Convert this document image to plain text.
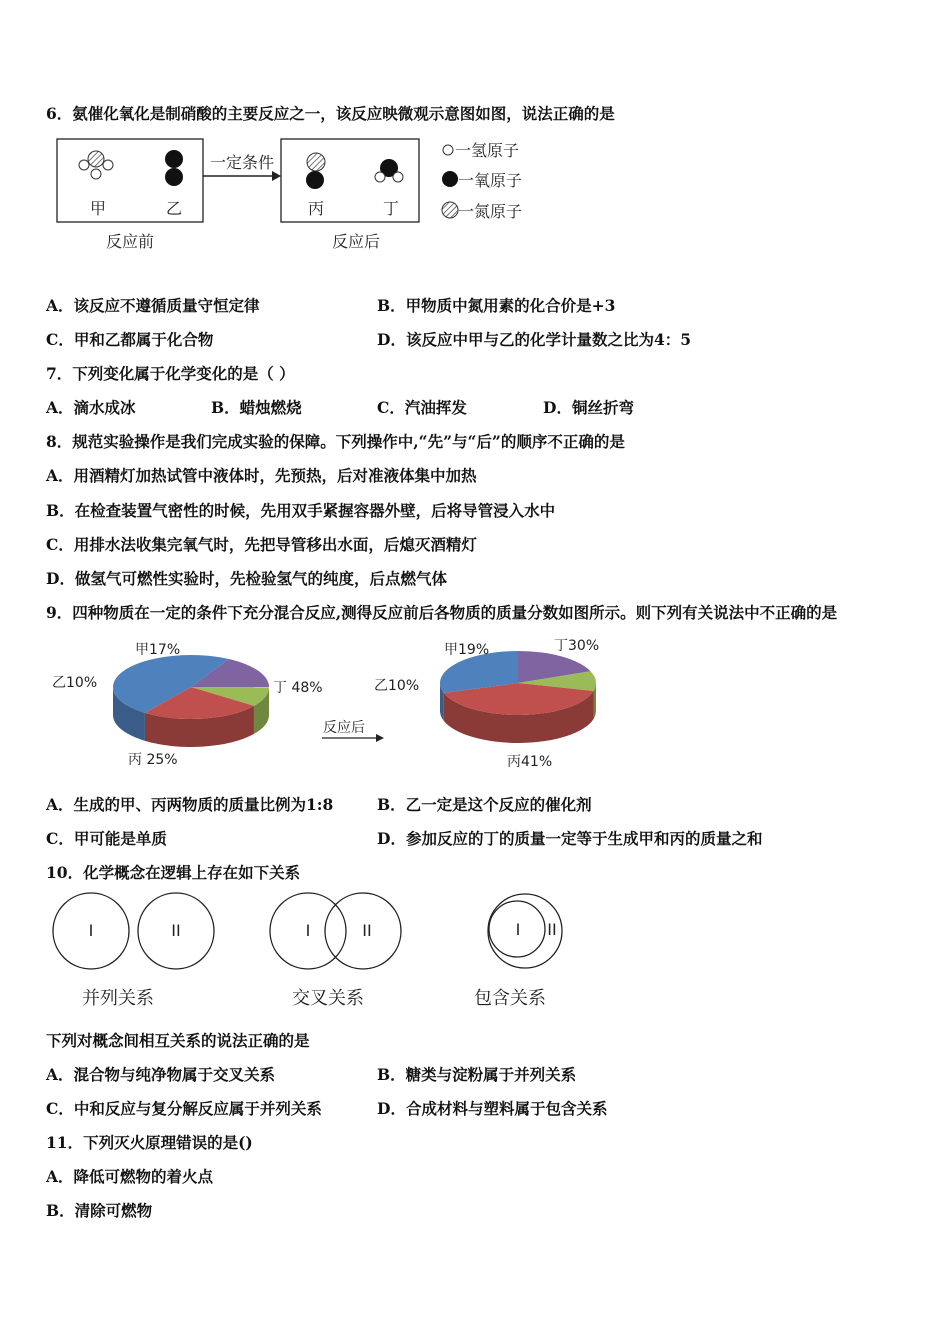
6．氨催化氧化是制硝酸的主要反应之一，该反应映微观示意图如图，说法正确的是
甲	乙
反应前
一定条件
丙	丁
反应后
一氢原子
一氧原子
一氮原子
A．该反应不遵循质量守恒定律	B．甲物质中氮用素的化合价是+3
C．甲和乙都属于化合物	D．该反应中甲与乙的化学计量数之比为4：5
7．下列变化属于化学变化的是（ ）
A．滴水成冰	B．蜡烛燃烧	C．汽油挥发	D．铜丝折弯
8．规范实验操作是我们完成实验的保障。下列操作中,“先”与“后”的顺序不正确的是
A．用酒精灯加热试管中液体时，先预热，后对准液体集中加热
B．在检查装置气密性的时候，先用双手紧握容器外壁，后将导管浸入水中
C．用排水法收集完氧气时，先把导管移出水面，后熄灭酒精灯
D．做氢气可燃性实验时，先检验氢气的纯度，后点燃气体
9．四种物质在一定的条件下充分混合反应,测得反应前后各物质的质量分数如图所示。则下列有关说法中不正确的是
甲17%
乙10%
丙 25%
丁 48%
反应后
甲19%
乙10%
丙41%
丁30%
A．生成的甲、丙两物质的质量比例为1:8	B．乙一定是这个反应的催化剂
C．甲可能是单质	D．参加反应的丁的质量一定等于生成甲和丙的质量之和
10．化学概念在逻辑上存在如下关系
I	II
并列关系
I	II
交叉关系
I II
包含关系
下列对概念间相互关系的说法正确的是
A．混合物与纯净物属于交叉关系	B．糖类与淀粉属于并列关系
C．中和反应与复分解反应属于并列关系	D．合成材料与塑料属于包含关系
11．下列灭火原理错误的是()
A．降低可燃物的着火点
B．清除可燃物
